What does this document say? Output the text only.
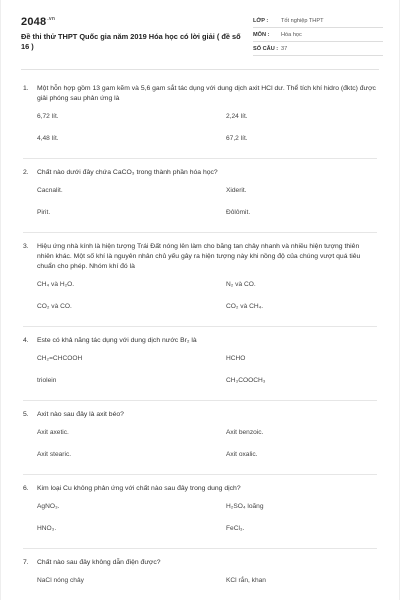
$2048^{.vn}$
Đề thi thử THPT Quốc gia năm 2019 Hóa học có lời giải ( đề số 16 )
LỚP :	Tốt nghiệp THPT
MÔN :	Hóa học
SỐ CÂU : 37
1.	Một hỗn hợp gồm 13 gam kẽm và 5,6 gam sắt tác dụng với dung dịch axit HCl dư. Thể tích khí hidro (đktc) được giải phóng sau phản ứng là
6,72 lít.	2,24 lít.
4,48 lít.	67,2 lít.
2.	Chất nào dưới đây chứa CaCO₃ trong thành phần hóa học?
Cacnalit.	Xiderit.
Pirit.	Đôlômit.
3.	Hiệu ứng nhà kính là hiện tượng Trái Đất nóng lên làm cho băng tan chảy nhanh và nhiều hiện tượng thiên nhiên khác. Một số khí là nguyên nhân chủ yếu gây ra hiện tượng này khi nồng độ của chúng vượt quá tiêu chuẩn cho phép. Nhóm khí đó là
CH₄ và H₂O.	N₂ và CO.
CO₂ và CO.	CO₂ và CH₄.
4.	Este có khả năng tác dụng với dung dịch nước Br₂ là
CH₂=CHCOOH	HCHO
triolein	CH₃COOCH₃
5.	Axit nào sau đây là axit béo?
Axit axetic.	Axit benzoic.
Axit stearic.	Axit oxalic.
6.	Kim loại Cu không phản ứng với chất nào sau đây trong dung dịch?
AgNO₃.	H₂SO₄ loãng
HNO₃.	FeCl₃.
7.	Chất nào sau đây không dẫn điện được?
NaCl nóng chảy	KCl rắn, khan
